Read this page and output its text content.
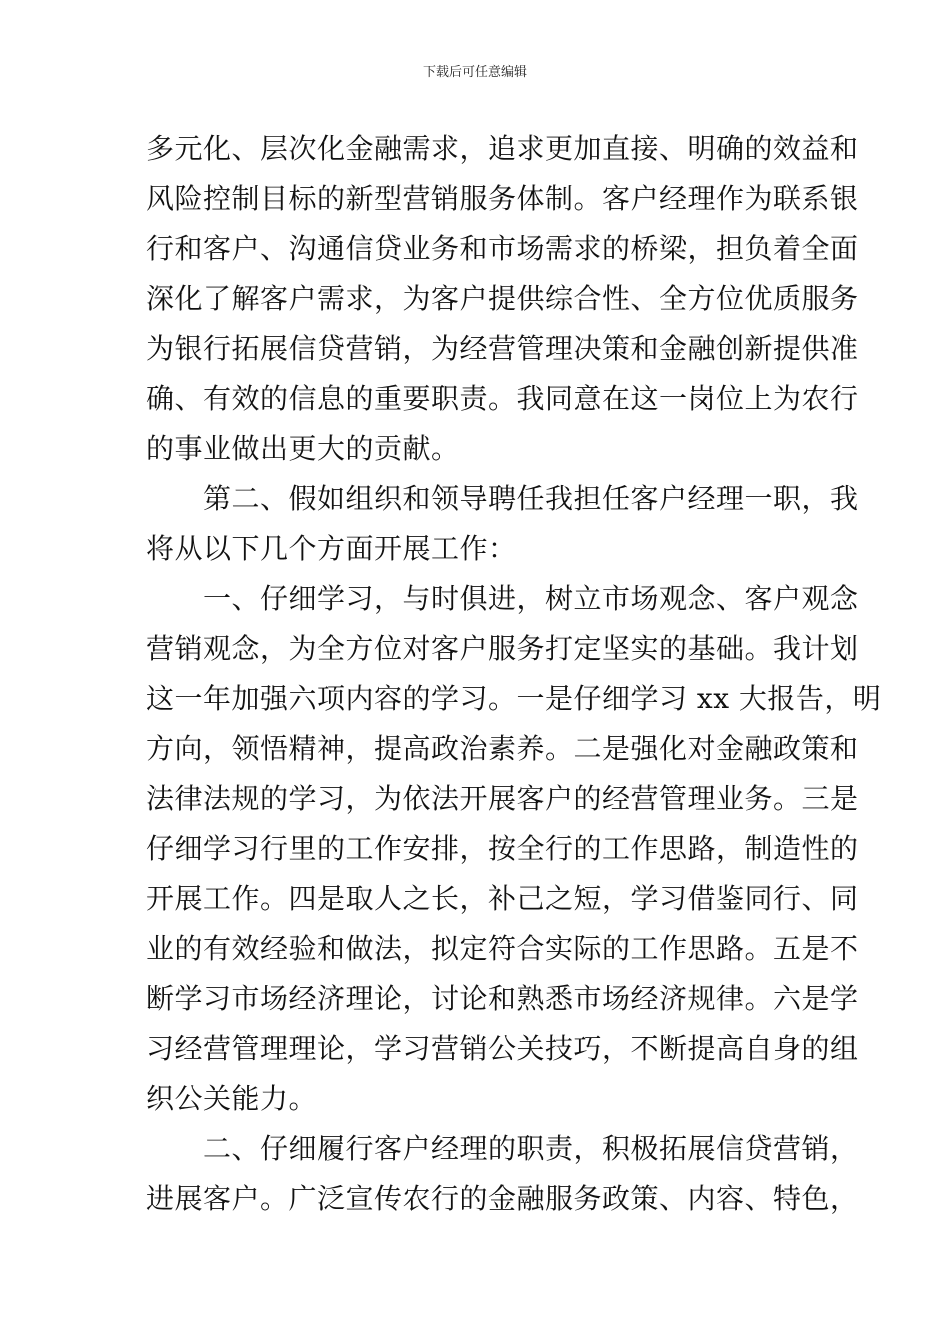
下载后可任意编辑
多元化、层次化金融需求，追求更加直接、明确的效益和
风险控制目标的新型营销服务体制。客户经理作为联系银
行和客户、沟通信贷业务和市场需求的桥梁，担负着全面
深化了解客户需求，为客户提供综合性、全方位优质服务
为银行拓展信贷营销，为经营管理决策和金融创新提供准
确、有效的信息的重要职责。我同意在这一岗位上为农行
的事业做出更大的贡献。
　　第二、假如组织和领导聘任我担任客户经理一职，我
将从以下几个方面开展工作：
　　一、仔细学习，与时俱进，树立市场观念、客户观念
营销观念，为全方位对客户服务打定坚实的基础。我计划
这一年加强六项内容的学习。一是仔细学习 xx 大报告，明
方向，领悟精神，提高政治素养。二是强化对金融政策和
法律法规的学习，为依法开展客户的经营管理业务。三是
仔细学习行里的工作安排，按全行的工作思路，制造性的
开展工作。四是取人之长，补己之短，学习借鉴同行、同
业的有效经验和做法，拟定符合实际的工作思路。五是不
断学习市场经济理论，讨论和熟悉市场经济规律。六是学
习经营管理理论，学习营销公关技巧，不断提高自身的组
织公关能力。
　　二、仔细履行客户经理的职责，积极拓展信贷营销，
进展客户。广泛宣传农行的金融服务政策、内容、特色，
